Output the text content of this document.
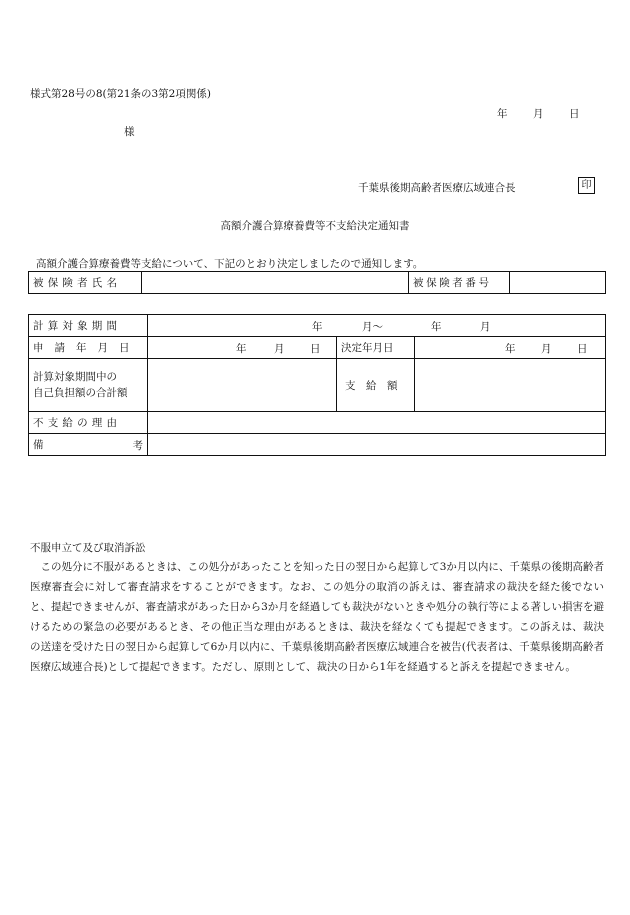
様式第28号の8(第21条の3第2項関係)
年 月 日
様
千葉県後期高齢者医療広域連合長	印
高額介護合算療養費等不支給決定通知書
高額介護合算療養費等支給について、下記のとおり決定しましたので通知します。
被保険者氏名		被保険者番号	
計算対象期間	年 月～ 年 月		

申請年月日	年 月 日	決定年月日	年 月 日

計算対象期間中の
自己負担額の合計額		支　給　額	
不支給の理由			
備 考			

不服申立て及び取消訴訟
この処分に不服があるときは、この処分があったことを知った日の翌日から起算して3か月以内に、千葉県の後期高齢者医療審査会に対して審査請求をすることができます。なお、この処分の取消の訴えは、審査請求の裁決を経た後でないと、提起できませんが、審査請求があった日から3か月を経過しても裁決がないときや処分の執行等による著しい損害を避けるための緊急の必要があるとき、その他正当な理由があるときは、裁決を経なくても提起できます。この訴えは、裁決の送達を受けた日の翌日から起算して6か月以内に、千葉県後期高齢者医療広域連合を被告(代表者は、千葉県後期高齢者医療広域連合長)として提起できます。ただし、原則として、裁決の日から1年を経過すると訴えを提起できません。
